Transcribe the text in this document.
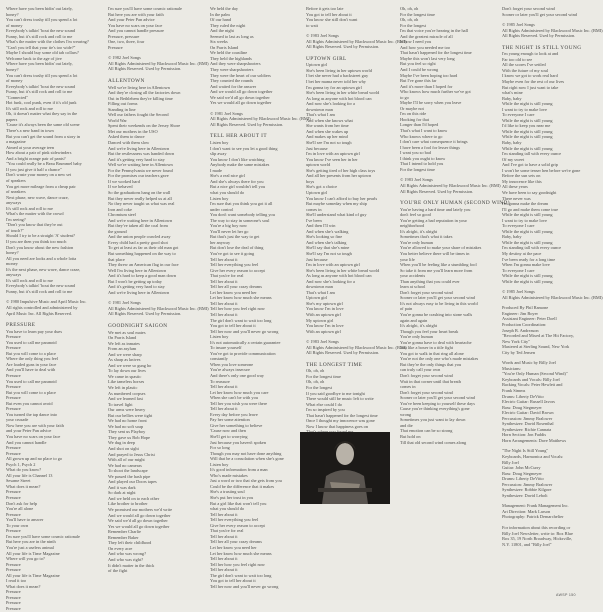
Where have you been hidin' out lately,
honey?
You can't dress trashy till you spend a lot
of money
Everybody's talkin' 'bout the new sound
Funny, but it's still rock and roll to me
What's the matter with the clothes I'm wearing?
"Can't you tell that your tie's too wide?"
Maybe I should buy some old tab collars?
Welcome back to the age of jive
Where have you been hidin' out lately,
honey?
You can't dress trashy till you spend a lot
of money
Everybody's talkin' 'bout the new sound
Funny, but it's still rock and roll to me
"Connected"
Hot funk, cool punk, even if it's old junk
It's still rock and roll to me
Oh, it doesn't matter what they say in the
papers
'Cause it's always been the same old scene
There's a new band in town
But you can't get the sound from a story in
a magazine
Aimed at your average teen
How about a pair of pink sidewinders
And a bright orange pair of pants?
"You could really be a Beau Brummel baby
If you just give it half a chance"
Don't waste your money on a new set
of speakers
You get more mileage from a cheap pair
of sneakers
Next phase, new wave, dance craze,
anyways
It's still rock and roll to me
What's the matter with the crowd
I'm seeing?
"Don't you know that they're out
of touch?"
Should I try to be a straight 'A' student?
If you are then you think too much
Don't you know about the new fashion
honey?
All you need are looks and a whole lotta
money
It's the next phase, new wave, dance craze,
anyways
It's still rock and roll to me
Everybody's talkin' 'bout the new sound
Funny, but it's still rock and roll to me
© 1980 Impulsive Music and April Music Inc.
All rights controlled and administered by
April Music Inc. All Rights Reserved.
PRESSURE
You have to learn pay your dues
Pressure
You used to call me paranoid
Pressure
But you will come to a place
Where the only thing you feel
Are loaded guns in your face
And you'll have to deal with
Pressure
You used to call me paranoid
Pressure
But you will come to a place
Pressure
But even you cannot avoid
Pressure
You turned the tap dance into
your crusade
Now here you are with your faith
and your Peter Pan advice
You have no scars on your face
And you cannot handle
Pressure
Pressure
All grown up and no place to go
Psych 1, Psych 2
What do you know?
All your life is Channel 13
Sesame Street
What does it mean?
Pressure
Pressure
Don't ask for help
You're all alone
Pressure
You'll have to answer
To your own
Pressure
I'm sure you'll have some cosmic rationale
But here you are in the ninth
You're just a useless animal
All your life is Time Magazine
Where will you go to?
Pressure
Pressure
All your life is Time Magazine
I read it too
What does it mean?
Pressure
Pressure
Pressure
Pressure
I'm sure you'll have some cosmic rationale
But here you are with your faith
And your Peter Pan advice
You have no scars on your face
And you cannot handle pressure
Pressure, pressure
One, two, three, four
Pressure
© 1982 Joel Songs
All Rights Administered by Blackwood Music Inc. (BMI)
All Rights Reserved. Used by Permission.
ALLENTOWN
Well we're living here in Allentown
And they're closing all the factories down
Out in Bethlehem they're killing time
Filling out forms
Standing in line
Well our fathers fought the Second
World War
Spent their weekends on the Jersey Shore
Met our mothers in the USO
Asked them to dance
Danced with them slow
And we're living here in Allentown
But the restlessness was handed down
And it's getting very hard to stay
Well we're waiting here in Allentown
For the Pennsylvania we never found
For the promises our teachers gave
If we worked hard
If we behaved
So the graduations hang on the wall
But they never really helped us at all
No they never taught us what was real
Iron and coke
Chromium steel
And we're waiting here in Allentown
But they've taken all the coal from
the ground
And the union people crawled away
Every child had a pretty good shot
To get at least as far as their old man got
But something happened on the way to
that place
They threw an American flag in our face
Well I'm living here in Allentown
And it's hard to keep a good man down
But I won't be getting up today
And it's getting very hard to stay
And we're living here in Allentown
© 1981 Joel Songs
All Rights Administered by Blackwood Music Inc. (BMI)
All Rights Reserved. Used by Permission.
GOODNIGHT SAIGON
We met as soul mates
On Parris Island
We left as inmates
From an asylum
And we were sharp
As sharp as knives
And we were so gung ho
To lay down our lives
We came in spastic
Like tameless horses
We left in plastic
As numbered corpses
And we learned fast
To travel light
Our arms were heavy
But our bellies were tight
We had no home front
We had no soft soap
They sent us Playboy
They gave us Bob Hope
We dug in deep
And shot on sight
And prayed to Jesus Christ
With all of our might
We had no cameras
To shoot the landscape
We passed the hash pipe
And played our Doors tapes
And it was dark
So dark at night
And we held on to each other
Like brother to brother
We promised our mothers we'd write
And we would all go down together
We said we'd all go down together
Yes we would all go down together
Remember Charlie
Remember Baker
They left their childhood
On every acre
And who was wrong?
And who was right?
It didn't matter in the thick
of the fight
We held the day
In the palm
Of our hand
They ruled the night
And the night
Seemed to last as long as
Six weeks
On Parris Island
We held the coastline
They held the highlands
And they were sharpshooters
They were sharpshooters
They were the heart of our soldiers
They counted the rounds
And waited for the answer
And we would all go down together
We said we'd all go down together
Yes we would all go down together
© 1981 Joel Songs
All Rights Administered by Blackwood Music Inc. (BMI)
All Rights Reserved. Used by Permission.
TELL HER ABOUT IT
Listen boy
I don't want to see you let a good thing
slip away
You know I don't like watching
Anybody make the same mistakes
I made
She's a real nice girl
And she's always there for you
But a nice girl wouldn't tell you
what you should do
Listen boy
I'm sure that you think you got it all
under control
You don't want somebody telling you
The way to stay in someone's soul
You're a big boy now
You'll never let her go
But that's just the way to get
her anyway
But don't lose the deal of thing
You've got to see it going
Tell her about it
Tell her everything you feel
Give her every reason to accept
That you're for real
Tell her about it
Tell her all your crazy dreams
Let her know you need her
Let her know how much she means
Tell her about it
Tell her how you feel right now
Tell her about it
The girl don't want to wait too long
You got to tell her about it
Tell her now and you'll never go wrong
Listen boy
It's not automatically a certain guarantee
To insure yourself
You've got to provide communication
constantly
When you love someone
You're always insecure
And there's only one good way
To reassure
Tell her about it
Let her know how much you care
When she can't be with you
Tell her you wish you were there
Tell her about it
Every day before you leave
Pay her some attention
Give her something to believe
'Cause now and then
She'll get to worrying
Just because you haven't spoken
For so long
Though you may not have done anything
Will that be a consolation when she's gone
Listen boy
It's good information from a man
Who's made mistakes
Just a word or two that she gets from you
Could be the difference that it makes
She's a trusting soul
She's put her trust in you
But a girl like that won't tell you
what you should do
Tell her about it
Tell her everything you feel
Give her every reason to accept
That you're for real
Tell her about it
Tell her all your crazy dreams
Let her know you need her
Let her know how much she means
Tell her about it
Tell her how you feel right now
Tell her about it
The girl don't want to wait too long
You got to tell her about it
Tell her now and you'll never go wrong
Before it gets too late
You got to tell her about it
You know she still don't want
to wait
© 1983 Joel Songs
All Rights Administered by Blackwood Music Inc. (BMI)
All Rights Reserved. Used by Permission.
UPTOWN GIRL
Uptown girl
She's been living in her uptown world
I bet she never had a backstreet guy
I bet her mama never told her why
I'm gonna try for an uptown girl
She's been living in her white bread world
As long as anyone with hot blood can
And now she's looking for a
downtown man
That's what I am
And when she knows what
She wants from her time
And when she wakes up
And makes up her mind
She'll see I'm not so tough
Just because
I'm in love with an uptown girl
You know I've seen her in her
uptown world
She's getting tired of her high class toys
And all her presents from her uptown
boys
She's got a choice
Uptown girl
You know I can't afford to buy her pearls
But maybe someday when my ship
comes in
She'll understand what kind of guy
I've been
And then I'll win
And when she's walking
She's looking so fine
And when she's talking
She'll say that she's mine
She'll say I'm not so tough
Just because
I'm in love with an uptown girl
She's been living in her white bread world
As long as anyone with hot blood can
And now she's looking for a
downtown man
That's what I am
Uptown girl
She's my uptown girl
You know I'm in love
With an uptown girl
My uptown girl
You know I'm in love
With an uptown girl
© 1983 Joel Songs
All Rights Administered by Blackwood Music Inc. (BMI)
All Rights Reserved. Used by Permission.
THE LONGEST TIME
Oh, oh, oh
For the longest time
Oh, oh, oh
For the longest
If you said goodbye to me tonight
There would still be music left to write
What else could I do
I'm so inspired by you
That hasn't happened for the longest time
Once I thought my innocence was gone
Now I know that happiness goes on
Oh, oh, oh
For the longest time
Oh, oh, oh
For the longest
I'm that voice you're hearing in the hall
And the greatest miracle of all
Is how I need you
And how you needed me too
That hasn't happened for the longest time
Maybe this won't last very long
But you feel so right
And I could be wrong
Maybe I've been hoping too hard
But I've gone this far
And it's more than I hoped for
Who knows how much further we've got
to go
Maybe I'll be sorry when you leave
Or maybe not
I'm on this ride
Hooking for that
Longer than I'd hoped
That's what I want to know
Who knows where to go
I don't care what consequence it brings
I have been a fool for lesser things
I want you so bad
I think you ought to know
That I intend to hold you
For the longest time
© 1983 Joel Songs
All Rights Administered by Blackwood Music Inc. (BMI)
All Rights Reserved. Used by Permission.
YOU'RE ONLY HUMAN (SECOND WIND)
You're having a hard time and lately you
don't feel so good
You're getting a bad reputation in your
neighborhood
It's alright, it's alright
Sometimes that's what it takes
You're only human
You're allowed to make your share of mistakes
You better believe there will be times in
your life
When you'll be feeling like a stumbling fool
So take it from me you'll learn more from
your accidents
Than anything that you could ever
learn at school
Don't forget your second wind
Sooner or later you'll get your second wind
It's not always easy to be living in this world
of pain
You're gonna be crashing into stone walls
again and again
It's alright, it's alright
Though you feel your heart break
You're only human
You're gonna have to deal with heartache
Just like a boxer in a title fight
You got to walk in that ring all alone
You're not the only one who's made mistakes
But they're the only things that you
can truly call your own
Don't forget your second wind
Wait in that corner until that breath
comes in
Don't forget your second wind
Sooner or later you'll get your second wind
You've been keeping to yourself these days
Cause you're thinking everything's gone
wrong
Sometimes you just want to lay down
and die
That emotion can be so strong
But hold on
Till that old second wind comes along
Don't forget your second wind
Sooner or later you'll get your second wind
© 1985 Joel Songs
All Rights Administered by Blackwood Music Inc. (BMI)
All Rights Reserved. Used by Permission.
THE NIGHT IS STILL YOUNG
I'm young enough to look at and
Far too old to see
All the scores I've settled
With the future of my soul
I know we got to work real hard
Maybe even for the rest of our lives
But right now I just want to take
what's mine
Baby, baby
While the night is still young
I want to try to make love
To everyone I care
While the night is still young
I'd like to keep you near me
While the night is still young
While the night is still young
Baby, baby
While the night is still young
I'm standing tall with every ounce
Of my sweet
And I've got to have a solid grip
I won't be some tenser hen before we're gone
Before the sun sets on
My innocence like this
All these years
We have been to say goodnight
There never was
I'm gonna make the dream
I'll go and make them come true
While the night is still young
I want to try to make love
To everyone I care
While the night is still young
Baby, baby
While the night is still young
I'm standing tall with every ounce
My destiny at the pace
I've been ready for a long time
When I'm gonna make love
To everyone I care
While the night is still young
While the night is still young
© 1985 Joel Songs
All Rights Administered by Blackwood Music Inc. (BMI)
Produced By Phil Ramone
Engineer: Jim Boyer
Assistant Engineer: Peter Doell
Production Coordination:
Joseph B. Andreason
"Recorded and Mixed at The Hit Factory,
New York City"
Mastered at Sterling Sound, New York
City by Ted Jensen
Words and Music by Billy Joel
Musicians:
"You're Only Human (Second Wind)"
Keyboards and Vocals: Billy Joel
Backing Vocals: Peter Hewlett and
Frank Simms
Drums: Liberty DeVitto
Electric Guitar: Russell Javors
Bass: Doug Stegmeyer
Electric Guitar: David Brown
Percussion: Jimmy Bralower
Synthesizer: David Rosenthal
Synthesizer: Richie Cannata
Horn Section: Jon Faddis
Horn Arrangements: Dave Matthews
"The Night Is Still Young"
Keyboards, Harmonica and Vocals:
Billy Joel
Guitar: John McCurry
Bass: Doug Stegmeyer
Drums: Liberty DeVitto
Percussion: Jimmy Bralower
Synthesizer: Robbie Kilgore
Synthesizer: David Lebolt
Management: Frank Management Inc.
Art Direction: Mark Larson
Photography: Patrick Demarchelier
For information about this recording or
Billy Joel Newsletter, write to: Box Blue
Box 35, 19 North Broadway, Hicksville,
N.Y. 11801, and "Billy Joel"
AWSP 150
